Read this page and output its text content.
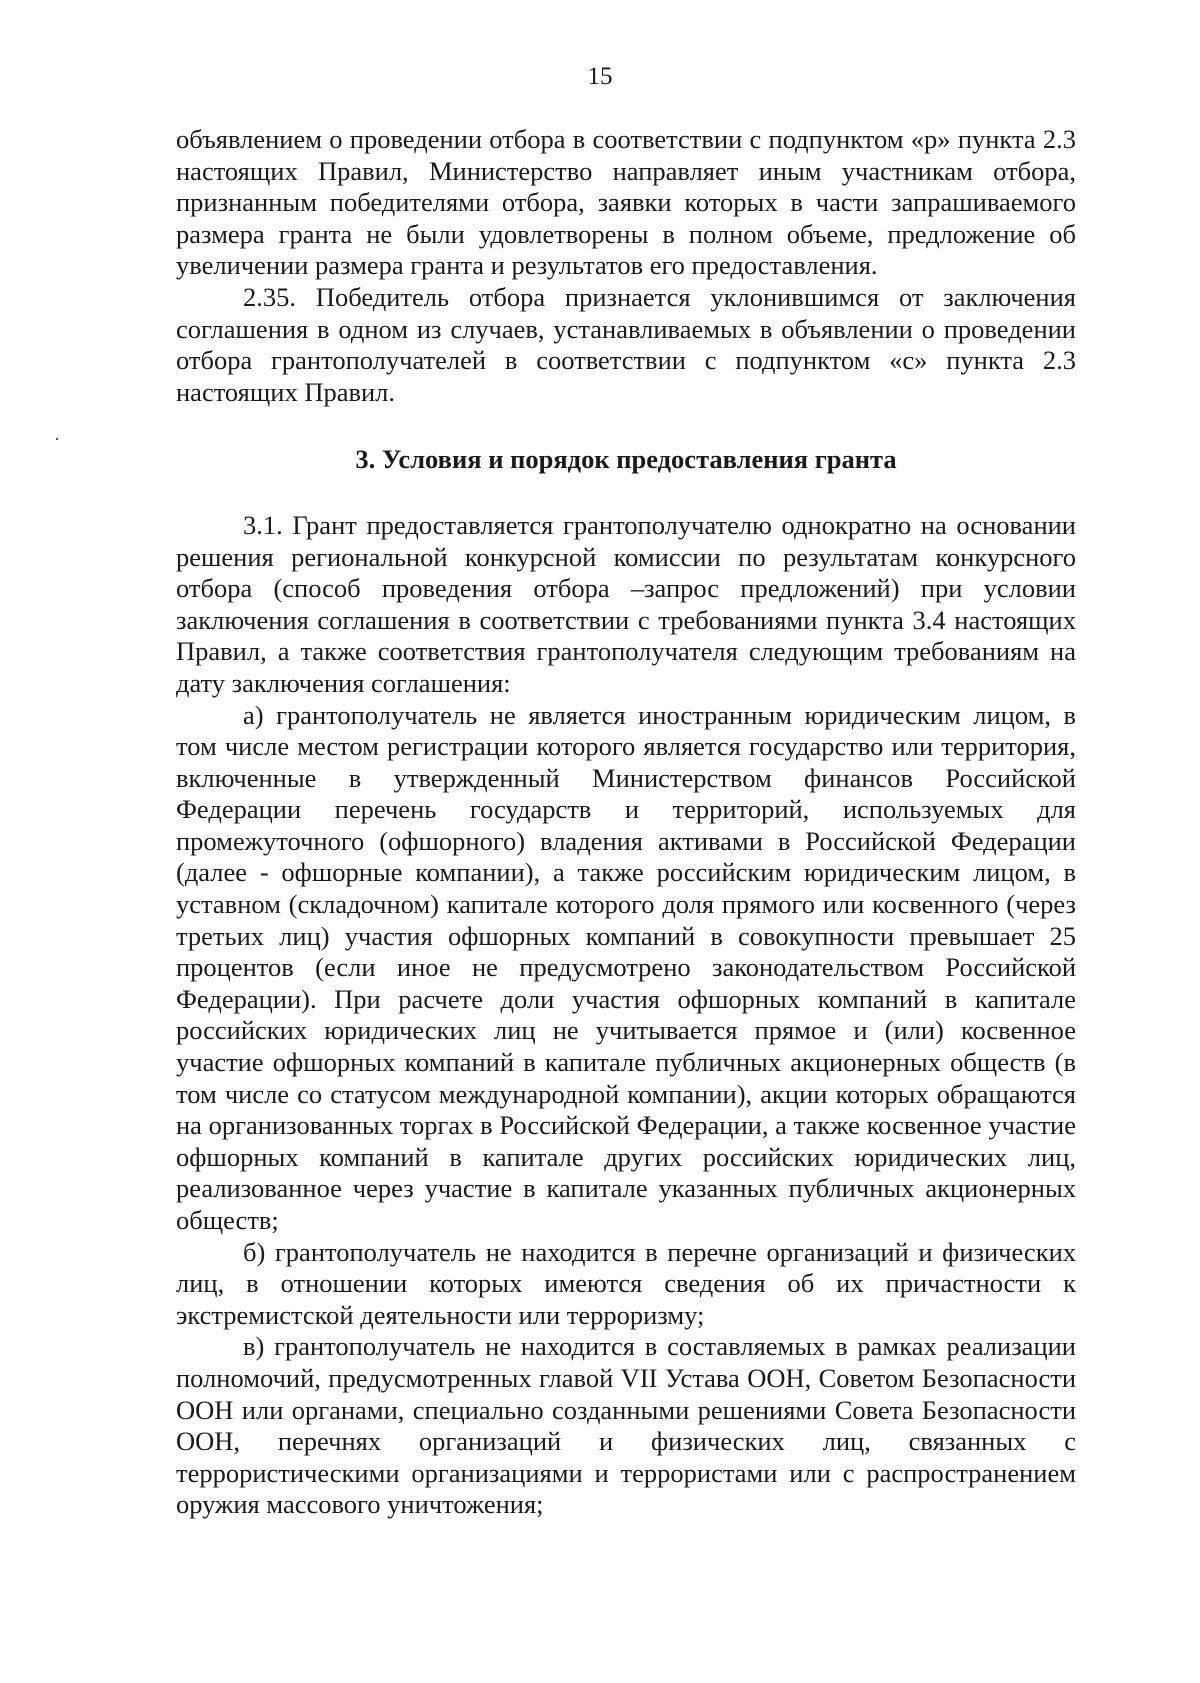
15

объявлением о проведении отбора в соответствии с подпунктом «р» пункта 2.3 настоящих Правил, Министерство направляет иным участникам отбора, признанным победителями отбора, заявки которых в части запрашиваемого размера гранта не были удовлетворены в полном объеме, предложение об увеличении размера гранта и результатов его предоставления.

2.35. Победитель отбора признается уклонившимся от заключения соглашения в одном из случаев, устанавливаемых в объявлении о проведении отбора грантополучателей в соответствии с подпунктом «с» пункта 2.3 настоящих Правил.

3. Условия и порядок предоставления гранта

3.1. Грант предоставляется грантополучателю однократно на основании решения региональной конкурсной комиссии по результатам конкурсного отбора (способ проведения отбора –запрос предложений) при условии заключения соглашения в соответствии с требованиями пункта 3.4 настоящих Правил, а также соответствия грантополучателя следующим требованиям на дату заключения соглашения:

а) грантополучатель не является иностранным юридическим лицом, в том числе местом регистрации которого является государство или территория, включенные в утвержденный Министерством финансов Российской Федерации перечень государств и территорий, используемых для промежуточного (офшорного) владения активами в Российской Федерации (далее - офшорные компании), а также российским юридическим лицом, в уставном (складочном) капитале которого доля прямого или косвенного (через третьих лиц) участия офшорных компаний в совокупности превышает 25 процентов (если иное не предусмотрено законодательством Российской Федерации). При расчете доли участия офшорных компаний в капитале российских юридических лиц не учитывается прямое и (или) косвенное участие офшорных компаний в капитале публичных акционерных обществ (в том числе со статусом международной компании), акции которых обращаются на организованных торгах в Российской Федерации, а также косвенное участие офшорных компаний в капитале других российских юридических лиц, реализованное через участие в капитале указанных публичных акционерных обществ;

б) грантополучатель не находится в перечне организаций и физических лиц, в отношении которых имеются сведения об их причастности к экстремистской деятельности или терроризму;

в) грантополучатель не находится в составляемых в рамках реализации полномочий, предусмотренных главой VII Устава ООН, Советом Безопасности ООН или органами, специально созданными решениями Совета Безопасности ООН, перечнях организаций и физических лиц, связанных с террористическими организациями и террористами или с распространением оружия массового уничтожения;
